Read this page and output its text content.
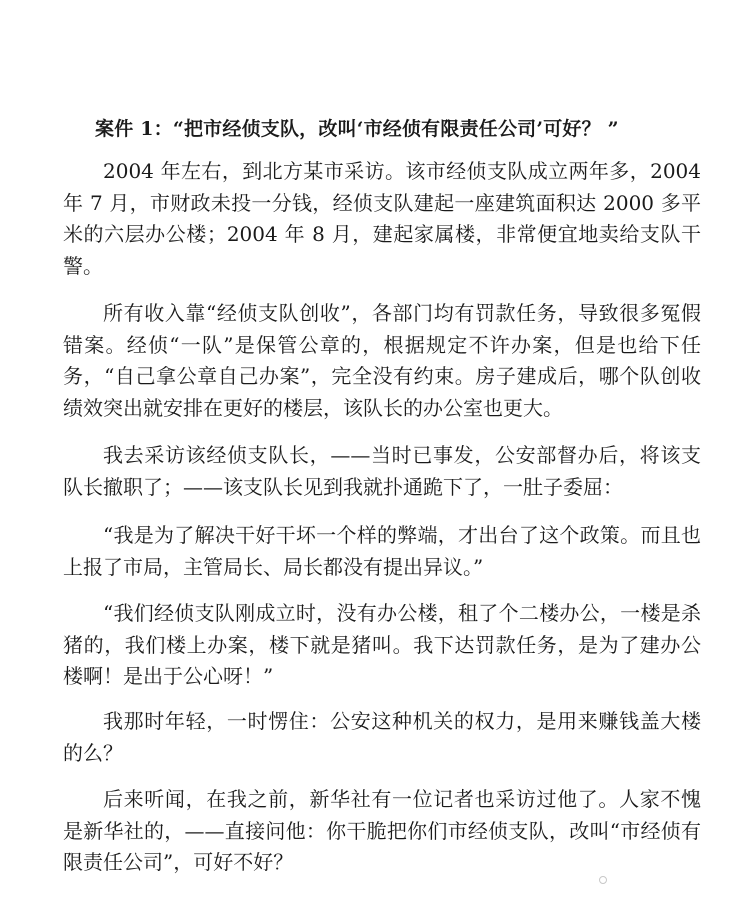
案件 1：“把市经侦支队，改叫‘市经侦有限责任公司’可好？ ”

2004 年左右，到北方某市采访。该市经侦支队成立两年多，2004 年 7 月，市财政未投一分钱，经侦支队建起一座建筑面积达 2000 多平米的六层办公楼；2004 年 8 月，建起家属楼，非常便宜地卖给支队干警。

所有收入靠“经侦支队创收”，各部门均有罚款任务，导致很多冤假错案。经侦“一队”是保管公章的，根据规定不许办案，但是也给下任务，“自己拿公章自己办案”，完全没有约束。房子建成后，哪个队创收绩效突出就安排在更好的楼层，该队长的办公室也更大。

我去采访该经侦支队长，——当时已事发，公安部督办后，将该支队长撤职了；——该支队长见到我就扑通跪下了，一肚子委屈：

“我是为了解决干好干坏一个样的弊端，才出台了这个政策。而且也上报了市局，主管局长、局长都没有提出异议。”

“我们经侦支队刚成立时，没有办公楼，租了个二楼办公，一楼是杀猪的，我们楼上办案，楼下就是猪叫。我下达罚款任务，是为了建办公楼啊！是出于公心呀！”

我那时年轻，一时愣住：公安这种机关的权力，是用来赚钱盖大楼的么？

后来听闻，在我之前，新华社有一位记者也采访过他了。人家不愧是新华社的，——直接问他：你干脆把你们市经侦支队，改叫“市经侦有限责任公司”，可好不好？
